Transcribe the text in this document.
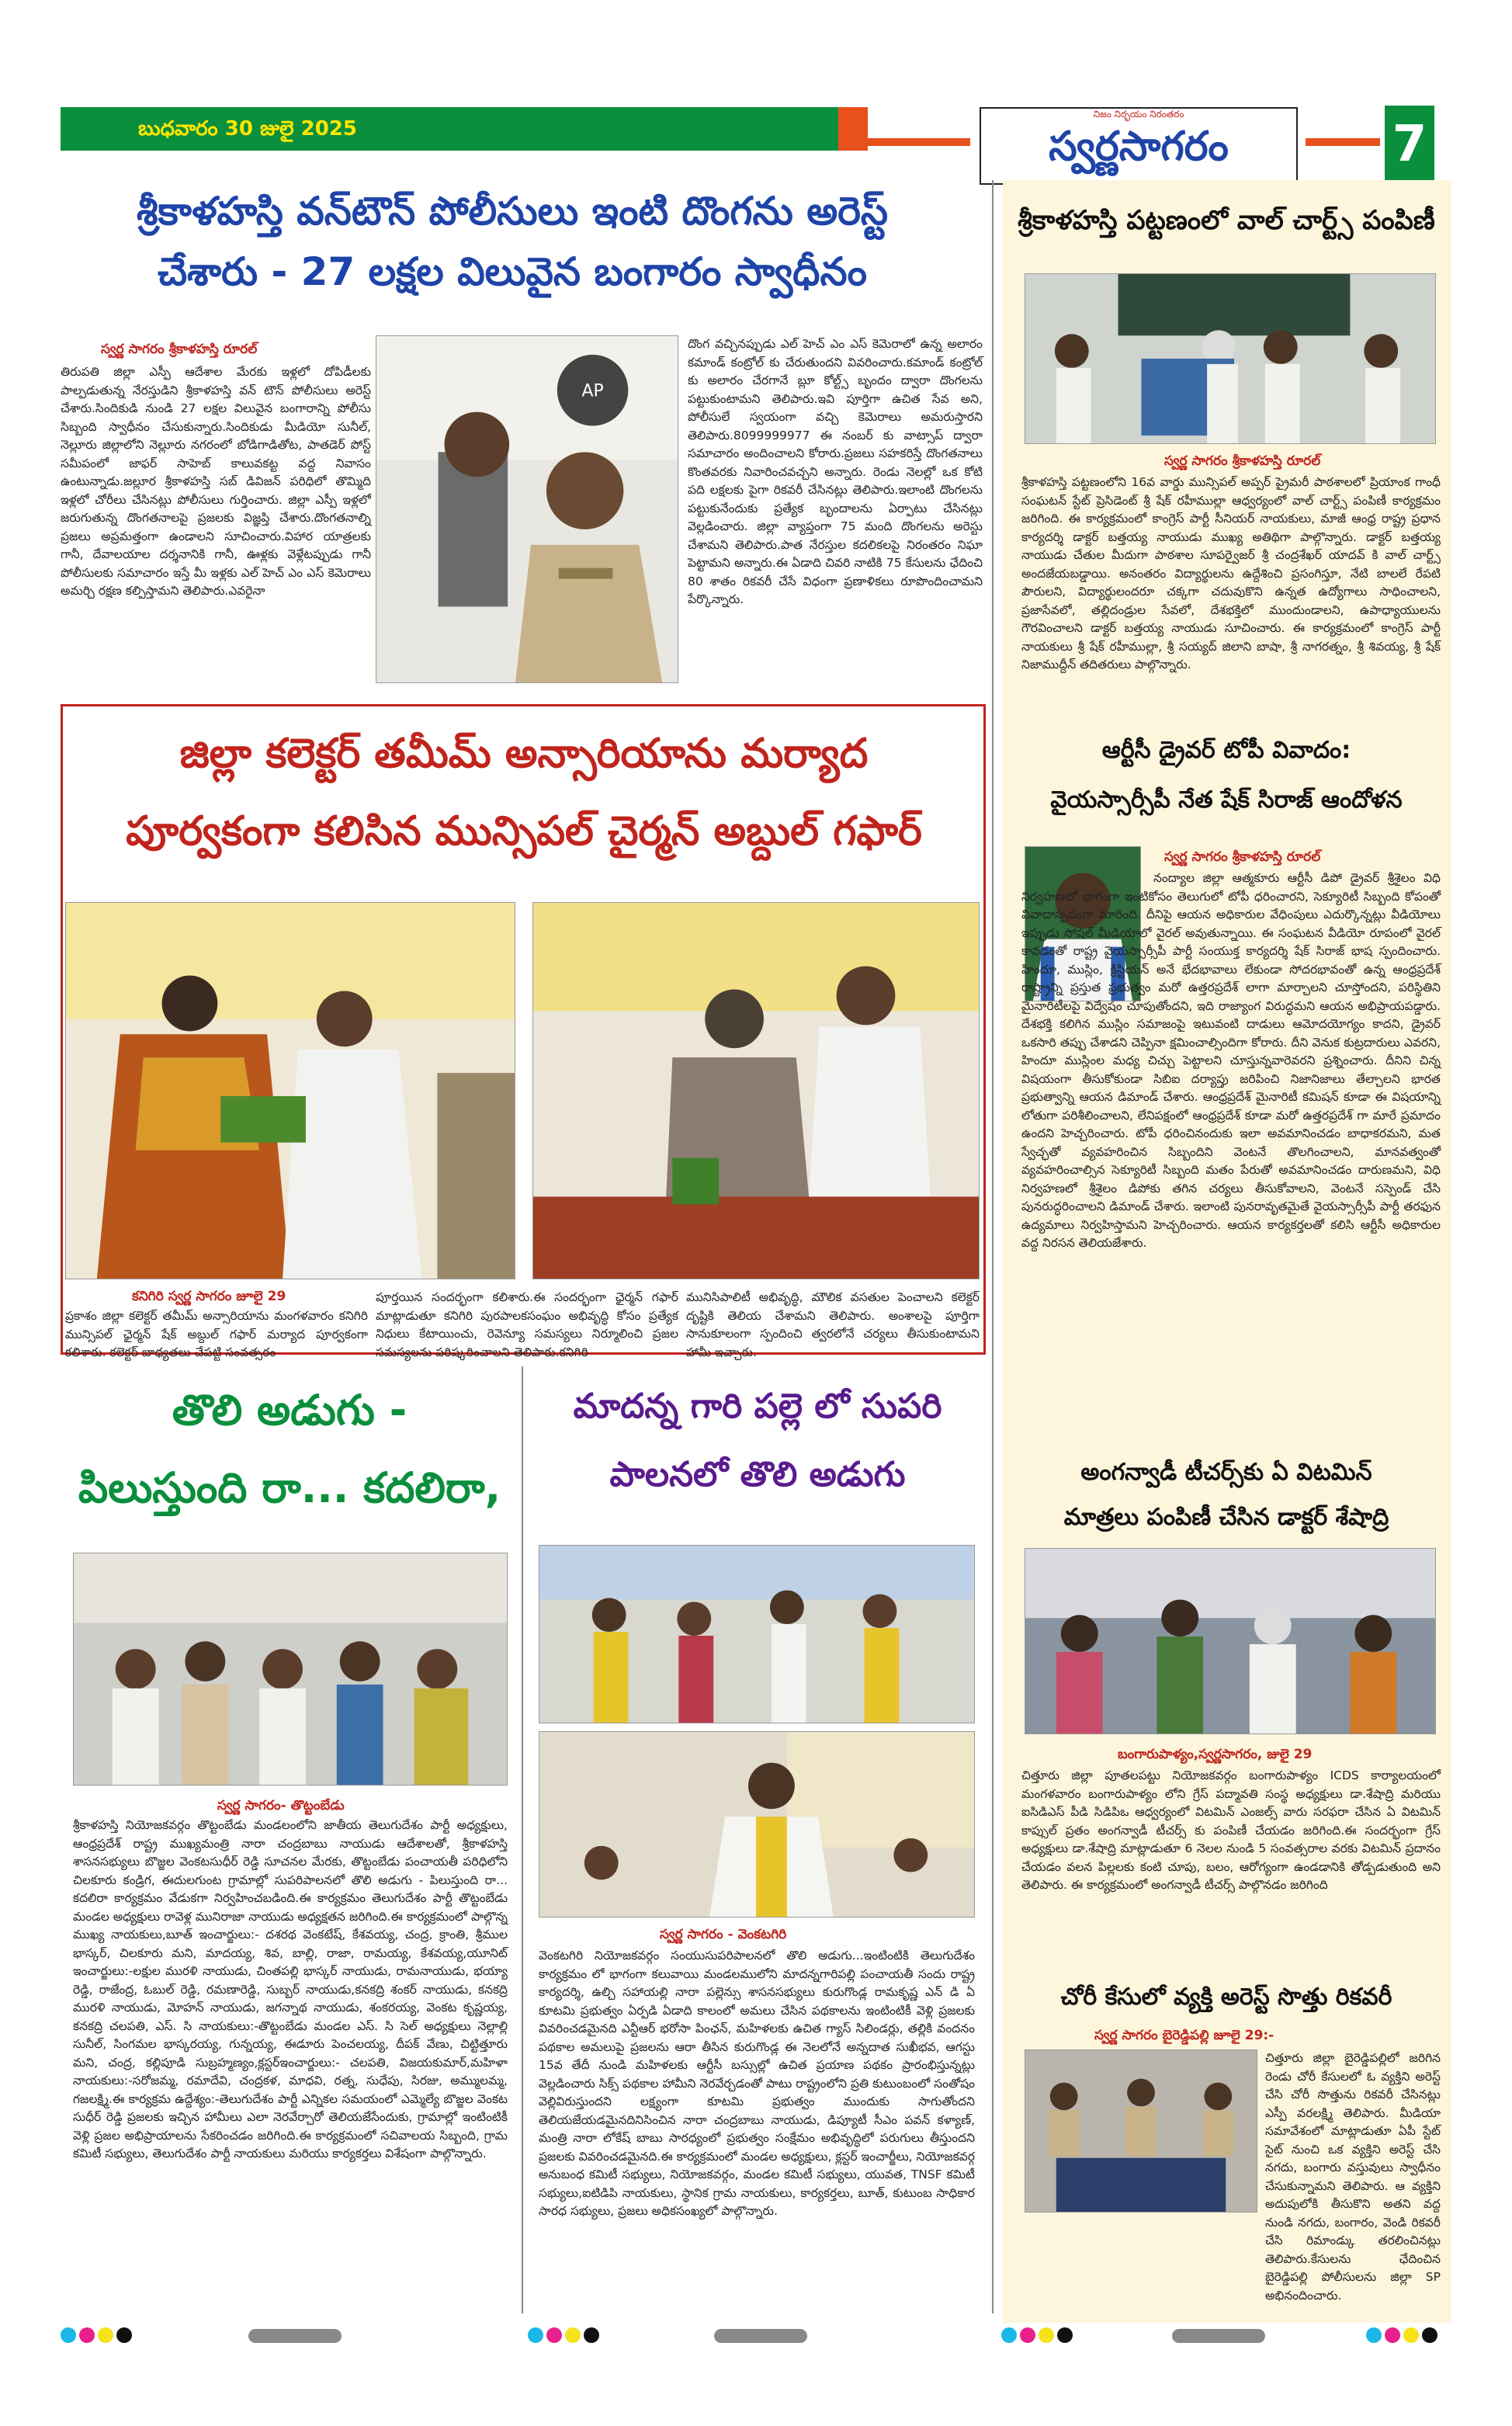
బుధవారం 30 జులై 2025
నిజం నిర్భయం నిరంతరం
స్వర్ణసాగరం	7
శ్రీకాళహస్తి వన్‌టౌన్ పోలీసులు ఇంటి దొంగను అరెస్ట్
చేశారు - 27 లక్షల విలువైన బంగారం స్వాధీనం
స్వర్ణ సాగరం శ్రీకాళహస్తి రూరల్
తిరుపతి జిల్లా ఎస్పీ ఆదేశాల మేరకు ఇళ్లలో దోపిడీలకు పాల్పడుతున్న నేరస్తుడిని శ్రీకాళహస్తి వన్ టౌన్ పోలీసులు అరెస్ట్ చేశారు.సిందికుడి నుండి 27 లక్షల విలువైన బంగారాన్ని పోలీసు సిబ్బంది స్వాధీనం చేసుకున్నారు.సిందికుడు మీడియో సునీల్, నెల్లూరు జిల్లాలోని నెల్లూరు నగరంలో బోడిగాడితోట, పాతడెర్ పోస్ట్ సమీపంలో జాఫర్ సాహెబ్ కాలువకట్ట వద్ద నివాసం ఉంటున్నాడు.జల్లూర శ్రీకాళహస్తి సబ్ డివిజన్ పరిధిలో తొమ్మిది ఇళ్లలో చోరీలు చేసినట్లు పోలీసులు గుర్తించారు. జిల్లా ఎస్పీ ఇళ్లలో జరుగుతున్న దొంగతనాలపై ప్రజలకు విజ్ఞప్తి చేశారు.దొంగతనాల్ని ప్రజలు అప్రమత్తంగా ఉండాలని సూచించారు.విహార యాత్రలకు గానీ, దేవాలయాల దర్శనానికి గానీ, ఊళ్లకు వెళ్లేటప్పుడు గానీ పోలీసులకు సమాచారం ఇస్తే మీ ఇళ్లకు ఎల్ హెచ్ ఎం ఎస్ కెమెరాలు అమర్చి రక్షణ కల్పిస్తామని తెలిపారు.ఎవరైనా
AP
దొంగ వచ్చినప్పుడు ఎల్ హెచ్ ఎం ఎస్ కెమెరాలో ఉన్న అలారం కమాండ్ కంట్రోల్ కు చేరుతుందని వివరించారు.కమాండ్ కంట్రోల్ కు అలారం చేరగానే బ్లూ కోల్ట్స్ బృందం ద్వారా దొంగలను పట్టుకుంటామని తెలిపారు.ఇవి పూర్తిగా ఉచిత సేవ అని, పోలీసులే స్వయంగా వచ్చి కెమెరాలు అమరుస్తారని తెలిపారు.8099999977 ఈ నంబర్ కు వాట్సాప్ ద్వారా సమాచారం అందించాలని కోరారు.ప్రజలు సహకరిస్తే దొంగతనాలు కొంతవరకు నివారించవచ్చని అన్నారు. రెండు నెలల్లో ఒక కోటి పది లక్షలకు పైగా రికవరీ చేసినట్లు తెలిపారు.ఇలాంటి దొంగలను పట్టుకునేందుకు ప్రత్యేక బృందాలను ఏర్పాటు చేసినట్లు వెల్లడించారు. జిల్లా వ్యాప్తంగా 75 మంది దొంగలను అరెస్టు చేశామని తెలిపారు.పాత నేరస్తుల కదలికలపై నిరంతరం నిఘా పెట్టామని అన్నారు.ఈ ఏడాది చివరి నాటికి 75 కేసులను ఛేదించి 80 శాతం రికవరీ చేసే విధంగా ప్రణాళికలు రూపొందించామని పేర్కొన్నారు.
జిల్లా కలెక్టర్ తమీమ్ అన్సారియాను మర్యాద
పూర్వకంగా కలిసిన మున్సిపల్ చైర్మన్ అబ్దుల్ గఫార్
కనిగిరి స్వర్ణ సాగరం జూలై 29
ప్రకాశం జిల్లా కలెక్టర్ తమీమ్ అన్సారియాను మంగళవారం కనిగిరి మున్సిపల్ ఛైర్మన్ షేక్ అబ్దుల్ గఫార్ మర్యాద పూర్వకంగా కలిశారు. కలెక్టర్ బాధ్యతలు చేపట్టి సంవత్సరం
పూర్తయిన సందర్భంగా కలిశారు.ఈ సందర్భంగా ఛైర్మన్ గఫార్ మాట్లాడుతూ కనిగిరి పురపాలకసంఘం అభివృద్ధి కోసం ప్రత్యేక నిధులు కేటాయించు, రెవెన్యూ సమస్యలు నిర్మూలించి ప్రజల సమస్యలను పరిష్కరించాలని తెలిపారు.కనిగిరి
మునిసిపాలిటీ అభివృద్ధి, మౌలిక వసతుల పెంచాలని కలెక్టర్ దృష్టికి తెలియ చేశామని తెలిపారు. అంశాలపై పూర్తిగా సానుకూలంగా స్పందించి త్వరలోనే చర్యలు తీసుకుంటామని హామీ ఇచ్చారు.
తొలి అడుగు -
పిలుస్తుంది రా... కదలిరా,
స్వర్ణ సాగరం- తొట్టంబేడు
శ్రీకాళహస్తి నియోజకవర్గం తొట్టంబేడు మండలంలోని జాతీయ తెలుగుదేశం పార్టీ అధ్యక్షులు, ఆంధ్రప్రదేశ్ రాష్ట్ర ముఖ్యమంత్రి నారా చంద్రబాబు నాయుడు ఆదేశాలతో, శ్రీకాళహస్తి శాసనసభ్యులు బొజ్జల వెంకటసుధీర్ రెడ్డి సూచనల మేరకు, తొట్టంబేడు పంచాయతీ పరిధిలోని చిలకూరు కండ్రిగ, ఈదులగుంట గ్రామాల్లో సుపరిపాలనలో తొలి అడుగు - పిలుస్తుంది రా... కదలిరా కార్యక్రమం వేడుకగా నిర్వహించబడింది.ఈ కార్యక్రమం తెలుగుదేశం పార్టీ తొట్టంబేడు మండల అధ్యక్షులు రావెళ్ల మునిరాజా నాయుడు అధ్యక్షతన జరిగింది.ఈ కార్యక్రమంలో పాల్గొన్న ముఖ్య నాయకులు,బూత్ ఇంచార్జులు:- దశరథ వెంకటేష్, కేశవయ్య, చంద్ర, క్రాంతి, శ్రీముల భాస్కర్, చిలకూరు మని, మాదయ్య, శివ, బాల్లి, రాజా, రామయ్య, కేశవయ్య,యూనిట్ ఇంచార్జులు:-లక్షుల మురళి నాయుడు, చింతపల్లి భాస్కర్ నాయుడు, రామనాయుడు, భయ్యా రెడ్డి, రాజేంద్ర, ఓబుల్ రెడ్డి, రమణారెడ్డి, సుబ్బర్ నాయుడు,కనకద్రి శంకర్ నాయుడు, కనకద్రి మురళి నాయుడు, మోహన్ నాయుడు, జగన్నాథ నాయుడు, శంకరయ్య, వెంకట కృష్ణయ్య, కనకద్రి చలపతి, ఎస్. సి నాయకులు:-తొట్టంబేడు మండల ఎస్. సి సెల్ అధ్యక్షులు నెల్లాల్లి సునీల్, సింగమల భాస్కరయ్య, గున్నయ్య, ఈడూరు పెంచలయ్య, దీపక్ వేణు, చిట్టిత్తూరు మని, చంద్ర, కల్లిపూడి సుబ్రహ్మణ్యం,క్లస్టర్ఇంచార్జులు:- చలపతి, విజయకుమార్,మహిళా నాయకులు:-సరోజమ్మ, రమాదేవి, చంద్రకళ, మాధవి, రత్న, సుధేపు, సిరజు, అమ్ములమ్మ, గజలక్ష్మి.ఈ కార్యక్రమ ఉద్దేశ్యం:-తెలుగుదేశం పార్టీ ఎన్నికల సమయంలో ఎమ్మెల్యే బొజ్జల వెంకట సుధీర్ రెడ్డి ప్రజలకు ఇచ్చిన హామీలు ఎలా నెరవేర్చారో తెలియజేసేందుకు, గ్రామాల్లో ఇంటింటికీ వెళ్లి ప్రజల అభిప్రాయాలను సేకరించడం జరిగింది.ఈ కార్యక్రమంలో సచివాలయ సిబ్బంది, గ్రామ కమిటీ సభ్యులు, తెలుగుదేశం పార్టీ నాయకులు మరియు కార్యకర్తలు విశేషంగా పాల్గొన్నారు.
మాదన్న గారి పల్లె లో సుపరి
పాలనలో తొలి అడుగు
స్వర్ణ సాగరం - వెంకటగిరి
వెంకటగిరి నియోజకవర్గం సంయుసుపరిపాలనలో తొలి అడుగు...ఇంటింటికి తెలుగుదేశం కార్యక్రమం లో భాగంగా కలువాయి మండలములోని మాదన్నగారిపల్లి పంచాయతీ సందు రాష్ట్ర కార్యదర్శి, ఉల్చి సహాయల్లి నారా పల్లెన్సు శాసనసభ్యులు కురుగొండ్ల రామకృష్ణ ఎన్ డి ఏ కూటమి ప్రభుత్వం ఏర్పడి ఏడాది కాలంలో అమలు చేసిన పథకాలను ఇంటింటికీ వెళ్లి ప్రజలకు వివరించడమైనది ఎన్టీఆర్ భరోసా పింఛన్, మహిళలకు ఉచిత గ్యాస్ సిలిండర్లు, తల్లికి వందనం పథకాల అమలుపై ప్రజలను ఆరా తీసిన కురుగొండ్ల ఈ నెలలోనే అన్నదాత సుఖీభవ, ఆగస్టు 15వ తేదీ నుండి మహిళలకు ఆర్టీసీ బస్సుల్లో ఉచిత ప్రయాణ పథకం ప్రారంభిస్తున్నట్లు వెల్లడించారు సిక్స్ పథకాల హామీని నెరవేర్చడంతో పాటు రాష్ట్రంలోని ప్రతి కుటుంబంలో సంతోషం వెల్లివిరుస్తుందని లక్ష్యంగా కూటమి ప్రభుత్వం ముందుకు సాగుతోందని తెలియజేయడమైనదినిసించిన నారా చంద్రబాబు నాయుడు, డిప్యూటీ సీఎం పవన్ కళ్యాణ్, మంత్రి నారా లోకేష్ బాబు సారధ్యంలో ప్రభుత్వం సంక్షేమం అభివృద్ధిలో పరుగులు తీస్తుందని ప్రజలకు వివరించడమైనది.ఈ కార్యక్రమంలో మండల అధ్యక్షులు, క్లస్టర్ ఇంచార్జీలు, నియోజకవర్గ అనుబంధ కమిటీ సభ్యులు, నియోజకవర్గం, మండల కమిటీ సభ్యులు, యువత, TNSF కమిటీ సభ్యులు,ఐటిడిపి నాయకులు, స్థానిక గ్రామ నాయకులు, కార్యకర్తలు, బూత్, కుటుంబ సాధికార సారధ సభ్యులు, ప్రజలు అధికసంఖ్యలో పాల్గొన్నారు.
శ్రీకాళహస్తి పట్టణంలో వాల్ చార్ట్స్ పంపిణీ
స్వర్ణ సాగరం శ్రీకాళహస్తి రూరల్
శ్రీకాళహస్తి పట్టణంలోని 16వ వార్డు మున్సిపల్ అప్పర్ ప్రైమరీ పాఠశాలలో ప్రియాంక గాంధీ సంఘటన్ స్టేట్ ప్రెసిడెంట్ శ్రీ షేక్ రహీముల్లా ఆధ్వర్యంలో వాల్ చార్ట్స్ పంపిణీ కార్యక్రమం జరిగింది. ఈ కార్యక్రమంలో కాంగ్రెస్ పార్టీ సీనియర్ నాయకులు, మాజీ ఆంధ్ర రాష్ట్ర ప్రధాన కార్యదర్శి డాక్టర్ బత్తయ్య నాయుడు ముఖ్య అతిథిగా పాల్గొన్నారు. డాక్టర్ బత్తయ్య నాయుడు చేతుల మీదుగా పాఠశాల సూపర్వైజర్ శ్రీ చంద్రశేఖర్ యాదవ్ కి వాల్ చార్ట్స్ అందజేయబడ్డాయి. అనంతరం విద్యార్థులను ఉద్దేశించి ప్రసంగిస్తూ, నేటి బాలలే రేపటి పౌరులని, విద్యార్థులందరూ చక్కగా చదువుకొని ఉన్నత ఉద్యోగాలు సాధించాలని, ప్రజాసేవలో, తల్లిదండ్రుల సేవలో, దేశభక్తిలో ముందుండాలని, ఉపాధ్యాయులను గౌరవించాలని డాక్టర్ బత్తయ్య నాయుడు సూచించారు. ఈ కార్యక్రమంలో కాంగ్రెస్ పార్టీ నాయకులు శ్రీ షేక్ రహీముల్లా, శ్రీ సయ్యద్ జిలాని బాషా, శ్రీ నాగరత్నం, శ్రీ శివయ్య, శ్రీ షేక్ నిజాముద్దీన్ తదితరులు పాల్గొన్నారు.
ఆర్టీసీ డ్రైవర్ టోపీ వివాదం:
వైయస్సార్సీపీ నేత షేక్ సిరాజ్ ఆందోళన
స్వర్ణ సాగరం శ్రీకాళహస్తి రూరల్
నంద్యాల జిల్లా ఆత్మకూరు ఆర్టీసీ డిపో డ్రైవర్ శ్రీశైలం విధి నిర్వహణలో భాగంగా ఇంటికోసం తెలుగులో టోపీ ధరించారని, సెక్యూరిటీ సిబ్బంది కోపంతో వివాదాస్పదంగా మారింది. దీనిపై ఆయన అధికారుల వేధింపులు ఎదుర్కొన్నట్లు వీడియోలు ఇప్పుడు సోషల్ మీడియాలో వైరల్ అవుతున్నాయి. ఈ సంఘటన వీడియో రూపంలో వైరల్ కావడంతో రాష్ట్ర వైయస్సార్సీపీ పార్టీ సంయుక్త కార్యదర్శి షేక్ సిరాజ్ భాష స్పందించారు. హిందూ, ముస్లిం, క్రిస్టియన్ అనే భేదభావాలు లేకుండా సోదరభావంతో ఉన్న ఆంధ్రప్రదేశ్ రాష్ట్రాన్ని ప్రస్తుత ప్రభుత్వం మరో ఉత్తరప్రదేశ్ లాగా మార్చాలని చూస్తోందని, పరిస్థితిని మైనారిటీలపై విద్వేషం చూపుతోందని, ఇది రాజ్యాంగ విరుద్ధమని ఆయన అభిప్రాయపడ్డారు. దేశభక్తి కలిగిన ముస్లిం సమాజంపై ఇటువంటి దాడులు ఆమోదయోగ్యం కాదని, డ్రైవర్ ఒకసారి తప్పు చేశాడని చెప్పినా క్షమించాల్సిందిగా కోరారు. దీని వెనుక కుట్రదారులు ఎవరని, హిందూ ముస్లింల మధ్య చిచ్చు పెట్టాలని చూస్తున్నవారెవరని ప్రశ్నించారు. దీనిని చిన్న విషయంగా తీసుకోకుండా సిబిఐ దర్యాప్తు జరిపించి నిజానిజాలు తేల్చాలని భారత ప్రభుత్వాన్ని ఆయన డిమాండ్ చేశారు. ఆంధ్రప్రదేశ్ మైనారిటీ కమిషన్ కూడా ఈ విషయాన్ని లోతుగా పరిశీలించాలని, లేనిపక్షంలో ఆంధ్రప్రదేశ్ కూడా మరో ఉత్తరప్రదేశ్ గా మారే ప్రమాదం ఉందని హెచ్చరించారు. టోపీ ధరించినందుకు ఇలా అవమానించడం బాధాకరమని, మత స్వేచ్ఛతో వ్యవహరించిన సిబ్బందిని వెంటనే తొలగించాలని, మానవత్వంతో వ్యవహరించాల్సిన సెక్యూరిటీ సిబ్బంది మతం పేరుతో అవమానించడం దారుణమని, విధి నిర్వహణలో శ్రీశైలం డిపోకు తగిన చర్యలు తీసుకోవాలని, వెంటనే సస్పెండ్ చేసి పునరుద్ధరించాలని డిమాండ్ చేశారు. ఇలాంటి పునరావృతమైతే వైయస్సార్సీపీ పార్టీ తరఫున ఉద్యమాలు నిర్వహిస్తామని హెచ్చరించారు. ఆయన కార్యకర్తలతో కలిసి ఆర్టీసీ అధికారుల వద్ద నిరసన తెలియజేశారు.
అంగన్వాడీ టీచర్స్‌కు ఏ విటమిన్
మాత్రలు పంపిణీ చేసిన డాక్టర్ శేషాద్రి
బంగారుపాళ్యం,స్వర్ణసాగరం, జులై 29
చిత్తూరు జిల్లా పూతలపట్టు నియోజకవర్గం బంగారుపాళ్యం ICDS కార్యాలయంలో మంగళవారం బంగారుపాళ్యం లోని గ్రేస్ పద్మావతి సంస్థ అధ్యక్షులు డా.శేషాద్రి మరియు ఐసిడిఎస్ పీడి సిడిపిఒ ఆధ్వర్యంలో విటమిన్ ఎంజల్స్ వారు సరఫరా చేసిన ఏ విటమిన్ కాప్సుల్ ప్రతం అంగన్వాడీ టీచర్స్ కు పంపిణీ చేయడం జరిగింది.ఈ సందర్భంగా గ్రేస్ అధ్యక్షులు డా.శేషాద్రి మాట్లాడుతూ 6 నెలల నుండి 5 సంవత్సరాల వరకు విటమిన్ ప్రదానం చేయడం వలన పిల్లలకు కంటి చూపు, బలం, ఆరోగ్యంగా ఉండడానికి తోడ్పడుతుంది అని తెలిపారు. ఈ కార్యక్రమంలో అంగన్వాడీ టీచర్స్ పాల్గొనడం జరిగింది
చోరీ కేసులో వ్యక్తి అరెస్ట్ సొత్తు రికవరీ
స్వర్ణ సాగరం బైరెడ్డిపల్లి జూలై 29:-
చిత్తూరు జిల్లా బైరెడ్డిపల్లిలో జరిగిన రెండు చోరీ కేసులలో ఓ వ్యక్తిని అరెస్ట్ చేసి చోరీ సొత్తును రికవరీ చేసినట్లు ఎస్పీ వరలక్ష్మి తెలిపారు. మీడియా సమావేశంలో మాట్లాడుతూ ఏపీ స్టేట్ సైట్ నుంచి ఒక వ్యక్తిని అరెస్ట్ చేసి నగదు, బంగారు వస్తువులు స్వాధీనం చేసుకున్నామని తెలిపారు. ఆ వ్యక్తిని అదుపులోకి తీసుకొని అతని వద్ద నుండి నగదు, బంగారం, వెండి రికవరీ చేసి రిమాండ్కు తరలించినట్లు తెలిపారు.కేసులను ఛేదించిన బైరెడ్డిపల్లి పోలీసులను జిల్లా SP అభినందించారు.
